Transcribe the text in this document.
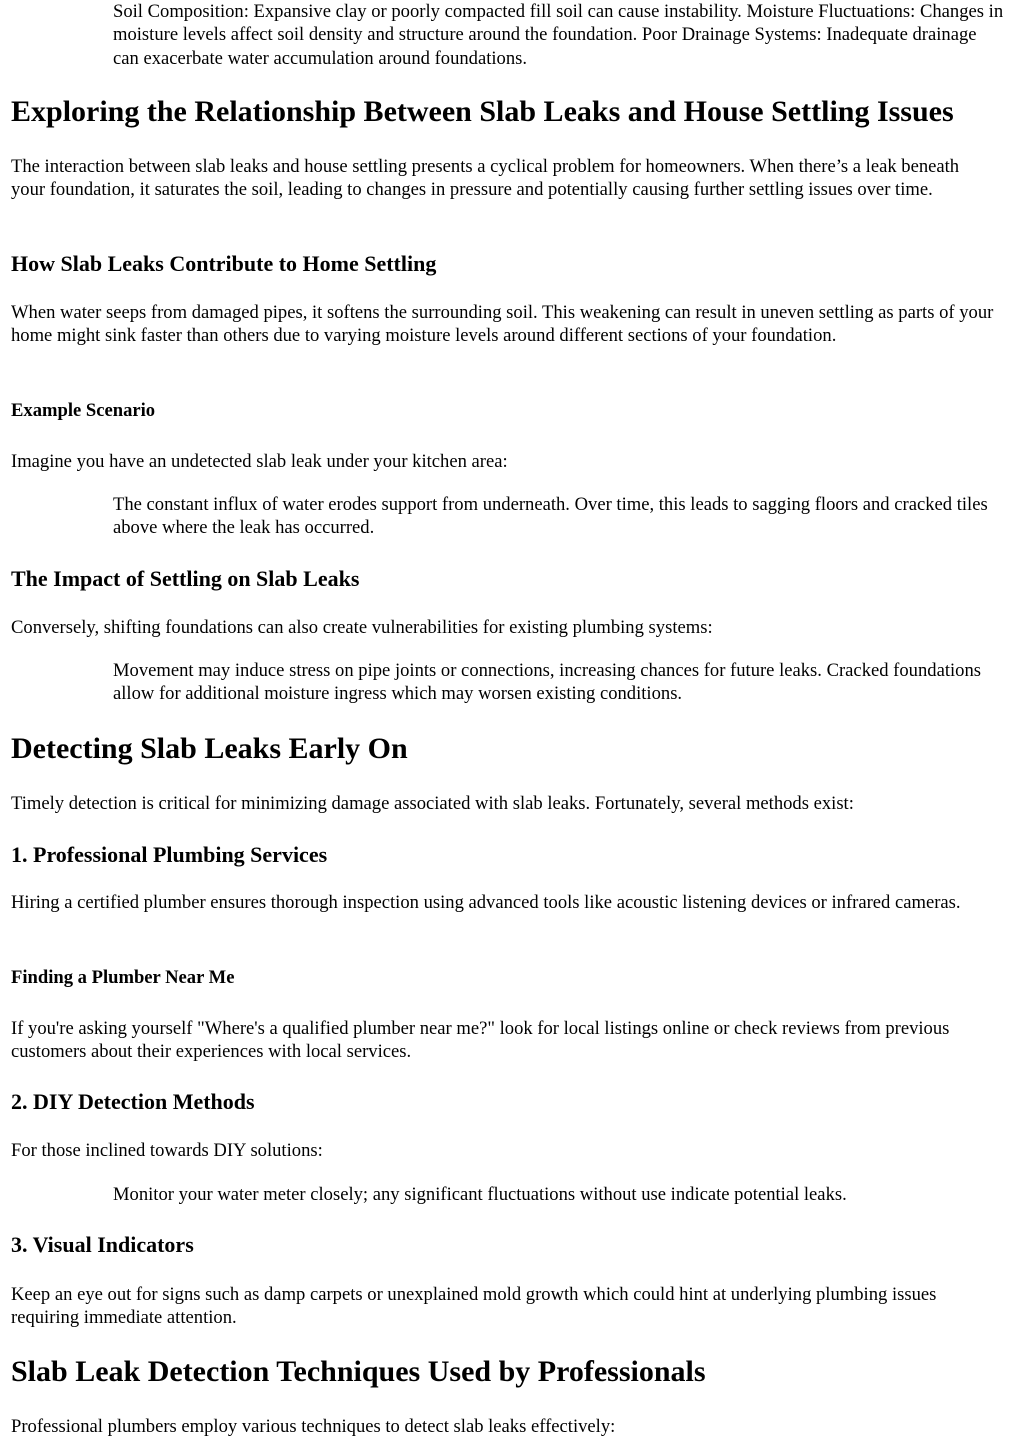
Soil Composition: Expansive clay or poorly compacted fill soil can cause instability. Moisture Fluctuations: Changes in moisture levels affect soil density and structure around the foundation. Poor Drainage Systems: Inadequate drainage can exacerbate water accumulation around foundations.

Exploring the Relationship Between Slab Leaks and House Settling Issues

The interaction between slab leaks and house settling presents a cyclical problem for homeowners. When there’s a leak beneath your foundation, it saturates the soil, leading to changes in pressure and potentially causing further settling issues over time.

How Slab Leaks Contribute to Home Settling

When water seeps from damaged pipes, it softens the surrounding soil. This weakening can result in uneven settling as parts of your home might sink faster than others due to varying moisture levels around different sections of your foundation.

Example Scenario

Imagine you have an undetected slab leak under your kitchen area:

The constant influx of water erodes support from underneath. Over time, this leads to sagging floors and cracked tiles above where the leak has occurred.

The Impact of Settling on Slab Leaks

Conversely, shifting foundations can also create vulnerabilities for existing plumbing systems:

Movement may induce stress on pipe joints or connections, increasing chances for future leaks. Cracked foundations allow for additional moisture ingress which may worsen existing conditions.

Detecting Slab Leaks Early On

Timely detection is critical for minimizing damage associated with slab leaks. Fortunately, several methods exist:

1. Professional Plumbing Services

Hiring a certified plumber ensures thorough inspection using advanced tools like acoustic listening devices or infrared cameras.

Finding a Plumber Near Me

If you're asking yourself "Where's a qualified plumber near me?" look for local listings online or check reviews from previous customers about their experiences with local services.

2. DIY Detection Methods

For those inclined towards DIY solutions:

Monitor your water meter closely; any significant fluctuations without use indicate potential leaks.

3. Visual Indicators

Keep an eye out for signs such as damp carpets or unexplained mold growth which could hint at underlying plumbing issues requiring immediate attention.

Slab Leak Detection Techniques Used by Professionals

Professional plumbers employ various techniques to detect slab leaks effectively:
